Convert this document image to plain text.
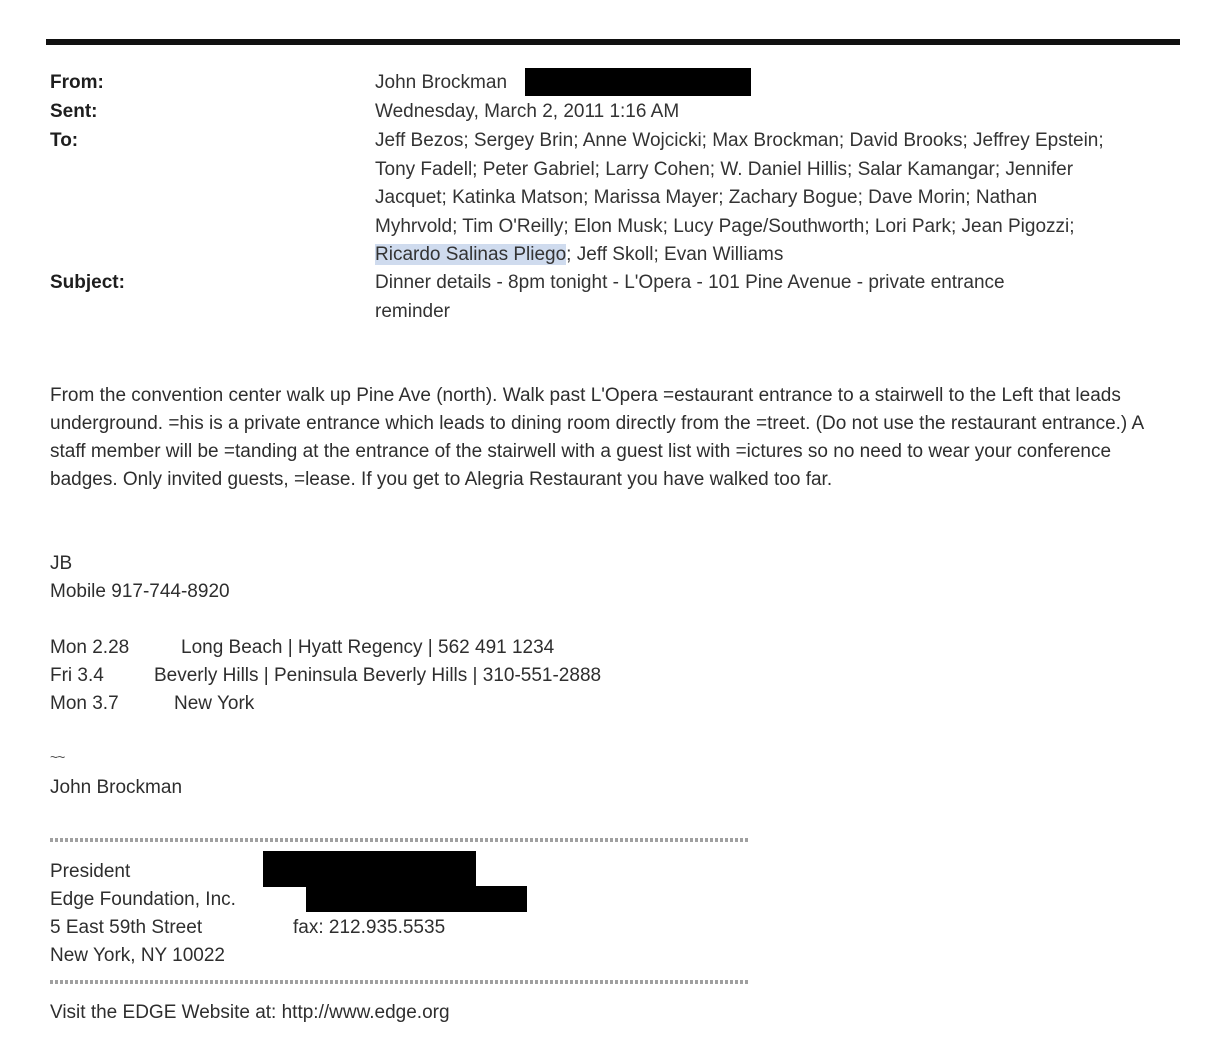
From:	John Brockman
Sent:	Wednesday, March 2, 2011 1:16 AM
To:	Jeff Bezos; Sergey Brin; Anne Wojcicki; Max Brockman; David Brooks; Jeffrey Epstein;
Tony Fadell; Peter Gabriel; Larry Cohen; W. Daniel Hillis; Salar Kamangar; Jennifer
Jacquet; Katinka Matson; Marissa Mayer; Zachary Bogue; Dave Morin; Nathan
Myhrvold; Tim O'Reilly; Elon Musk; Lucy Page/Southworth; Lori Park; Jean Pigozzi;
Ricardo Salinas Pliego; Jeff Skoll; Evan Williams
Subject:	Dinner details - 8pm tonight - L'Opera - 101 Pine Avenue - private entrance
reminder
From the convention center walk up Pine Ave (north). Walk past L'Opera =estaurant entrance to a stairwell to the Left that leads underground. =his is a private entrance which leads to dining room directly from the =treet. (Do not use the restaurant entrance.) A staff member will be =tanding at the entrance of the stairwell with a guest list with =ictures so no need to wear your conference badges. Only invited guests, =lease. If you get to Alegria Restaurant you have walked too far.
JB
Mobile 917-744-8920
Mon 2.28	Long Beach | Hyatt Regency | 562 491 1234
Fri 3.4	Beverly Hills | Peninsula Beverly Hills | 310-551-2888
Mon 3.7	New York
~~
John Brockman
President
Edge Foundation, Inc.
5 East 59th Street	fax: 212.935.5535
New York, NY 10022
Visit the EDGE Website at: http://www.edge.org
